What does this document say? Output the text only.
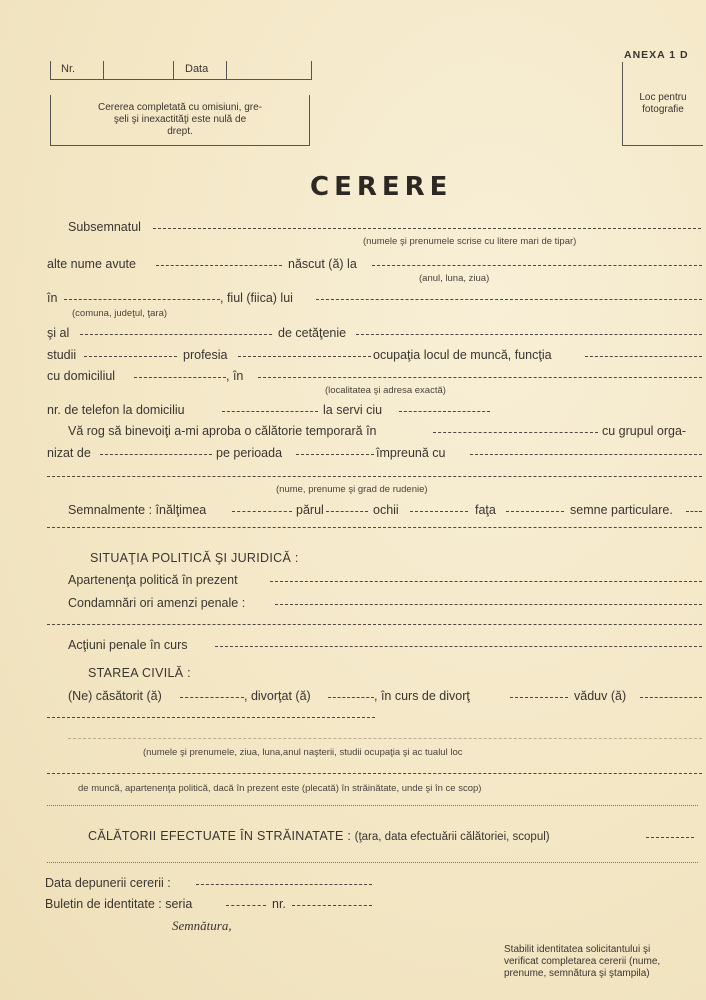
Nr.	Data
Cererea completată cu omisiuni, gre-
şeli şi inexactităţi este nulă de
drept.
ANEXA 1 D
Loc pentru
fotografie
CERERE
Subsemnatul
(numele şi prenumele scrise cu litere mari de tipar)
alte nume avute	născut (ă) la
(anul, luna, ziua)
în	, fiul (fiica) lui
(comuna, judeţul, ţara)
şi al	de cetăţenie
studii	profesia	ocupaţia locul de muncă, funcţia
cu domiciliul	, în
(localitatea şi adresa exactă)
nr. de telefon la domiciliu	la servi ciu
Vă rog să binevoiţi a-mi aproba o călătorie temporară în	cu grupul orga-
nizat de	pe perioada	împreună cu
(nume, prenume şi grad de rudenie)
Semnalmente : înălţimea	părul	ochii	faţa	semne particulare.
SITUAŢIA POLITICĂ ŞI JURIDICĂ :
Apartenenţa politică în prezent
Condamnări ori amenzi penale :
Acţiuni penale în curs
STAREA CIVILĂ :
(Ne) căsătorit (ă)	, divorţat (ă)	, în curs de divorţ	văduv (ă)
(numele şi prenumele, ziua, luna,anul naşterii, studii ocupaţia şi ac tualul loc
de muncă, apartenenţa politică, dacă în prezent este (plecată) în străinătate, unde şi în ce scop)
CĂLĂTORII EFECTUATE ÎN STRĂINATATE : (ţara, data efectuării călătoriei, scopul)
Data depunerii cererii :
Buletin de identitate : seria	nr.
Semnătura,
Stabilit identitatea solicitantului şi
verificat completarea cererii (nume,
prenume, semnătura şi ştampila)
